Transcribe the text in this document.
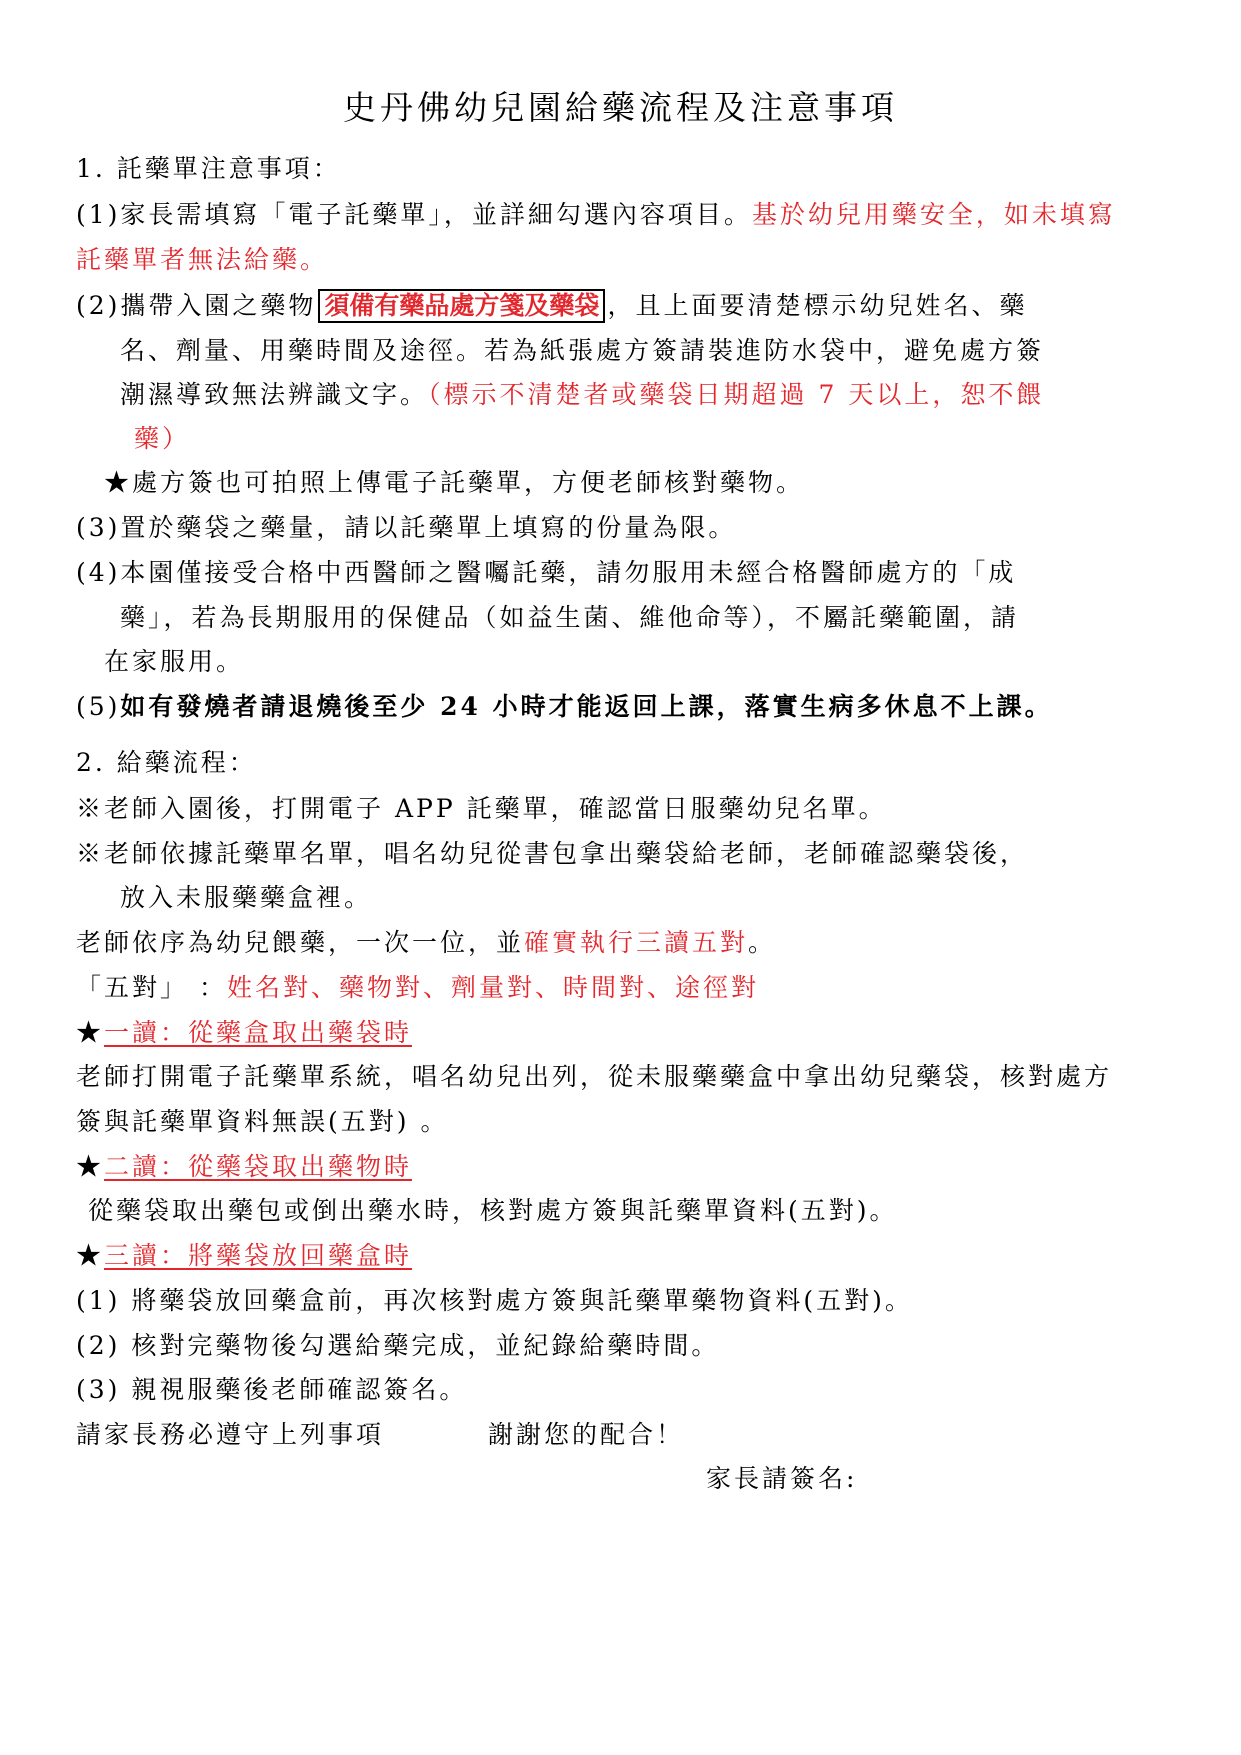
史丹佛幼兒園給藥流程及注意事項

1. 託藥單注意事項：

(1)家長需填寫「電子託藥單」，並詳細勾選內容項目。基於幼兒用藥安全，如未填寫

託藥單者無法給藥。

(2)攜帶入園之藥物 須備有藥品處方箋及藥袋 ，且上面要清楚標示幼兒姓名、藥

名、劑量、用藥時間及途徑。若為紙張處方簽請裝進防水袋中，避免處方簽

潮濕導致無法辨識文字。（標示不清楚者或藥袋日期超過 7 天以上，恕不餵

藥）

★處方簽也可拍照上傳電子託藥單，方便老師核對藥物。

(3)置於藥袋之藥量，請以託藥單上填寫的份量為限。

(4)本園僅接受合格中西醫師之醫囑託藥，請勿服用未經合格醫師處方的「成

藥」，若為長期服用的保健品（如益生菌、維他命等），不屬託藥範圍，請

在家服用。

(5)如有發燒者請退燒後至少 24 小時才能返回上課，落實生病多休息不上課。

2. 給藥流程：

※老師入園後，打開電子 APP 託藥單，確認當日服藥幼兒名單。

※老師依據託藥單名單，唱名幼兒從書包拿出藥袋給老師，老師確認藥袋後，

放入未服藥藥盒裡。

老師依序為幼兒餵藥，一次一位，並確實執行三讀五對。

「五對」 ：姓名對、藥物對、劑量對、時間對、途徑對

★一讀：從藥盒取出藥袋時

老師打開電子託藥單系統，唱名幼兒出列，從未服藥藥盒中拿出幼兒藥袋，核對處方

簽與託藥單資料無誤(五對) 。

★二讀：從藥袋取出藥物時

從藥袋取出藥包或倒出藥水時，核對處方簽與託藥單資料(五對)。

★三讀：將藥袋放回藥盒時

(1) 將藥袋放回藥盒前，再次核對處方簽與託藥單藥物資料(五對)。

(2) 核對完藥物後勾選給藥完成，並紀錄給藥時間。

(3) 親視服藥後老師確認簽名。

請家長務必遵守上列事項	謝謝您的配合！

家長請簽名:
